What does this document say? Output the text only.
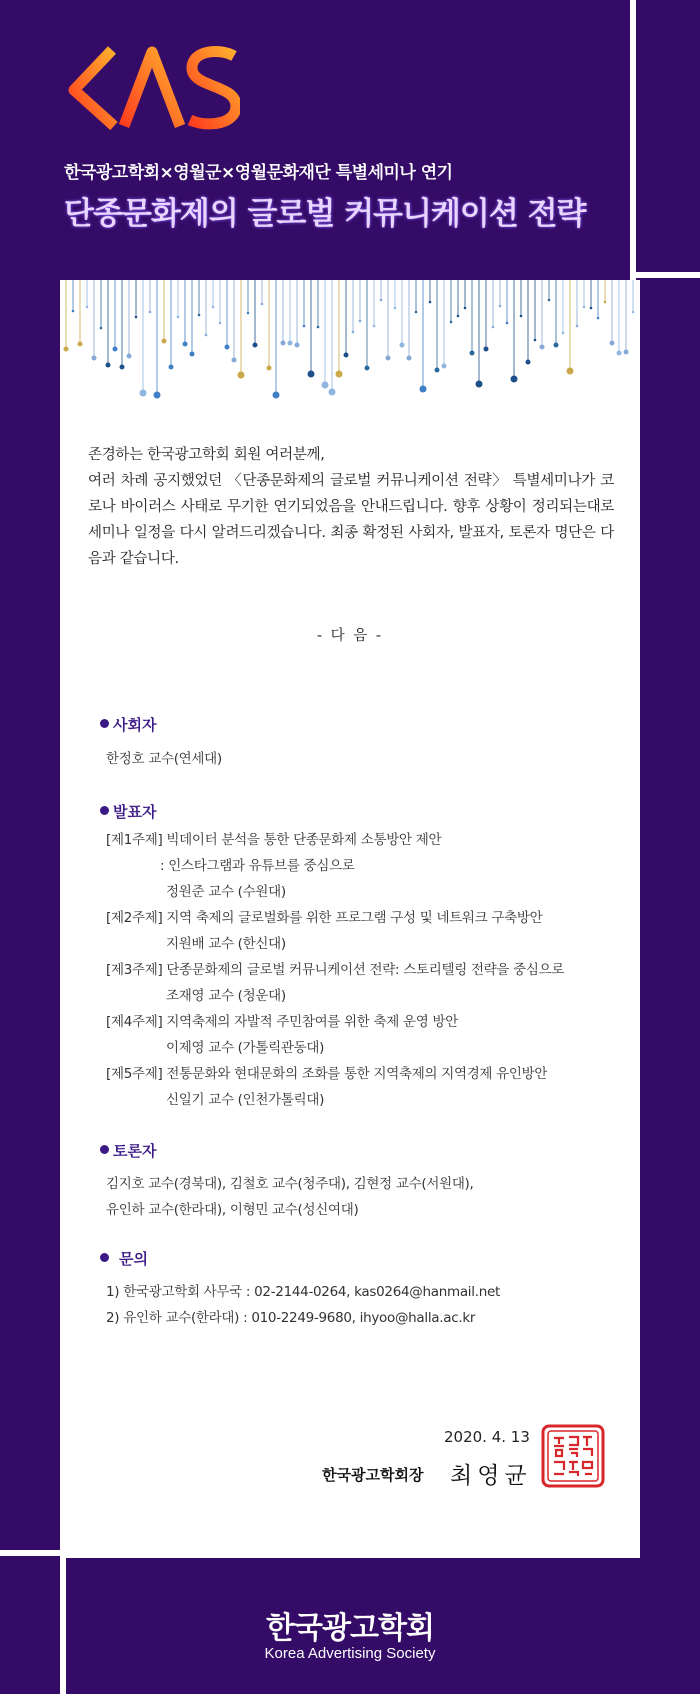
한국광고학회×영월군×영월문화재단 특별세미나 연기
단종문화제의 글로벌 커뮤니케이션 전략

존경하는 한국광고학회 회원 여러분께,

여러 차례 공지했었던 〈단종문화제의 글로벌 커뮤니케이션 전략〉 특별세미나가 코로나 바이러스 사태로 무기한 연기되었음을 안내드립니다. 향후 상황이 정리되는대로 세미나 일정을 다시 알려드리겠습니다. 최종 확정된 사회자, 발표자, 토론자 명단은 다음과 같습니다.

- 다 음 -
사회자
한정호 교수(연세대)
발표자
[제1주제] 빅데이터 분석을 통한 단종문화제 소통방안 제안
: 인스타그램과 유튜브를 중심으로
정원준 교수 (수원대)
[제2주제] 지역 축제의 글로벌화를 위한 프로그램 구성 및 네트워크 구축방안
지원배 교수 (한신대)
[제3주제] 단종문화제의 글로벌 커뮤니케이션 전략: 스토리텔링 전략을 중심으로
조재영 교수 (청운대)
[제4주제] 지역축제의 자발적 주민참여를 위한 축제 운영 방안
이제영 교수 (가톨릭관동대)
[제5주제] 전통문화와 현대문화의 조화를 통한 지역축제의 지역경제 유인방안
신일기 교수 (인천가톨릭대)
토론자
김지호 교수(경북대), 김철호 교수(청주대), 김현정 교수(서원대),
유인하 교수(한라대), 이형민 교수(성신여대)
문의
1) 한국광고학회 사무국 : 02-2144-0264, kas0264@hanmail.net
2) 유인하 교수(한라대) : 010-2249-9680, ihyoo@halla.ac.kr
2020. 4. 13
한국광고학회장 최영균
한국광고학회
Korea Advertising Society
